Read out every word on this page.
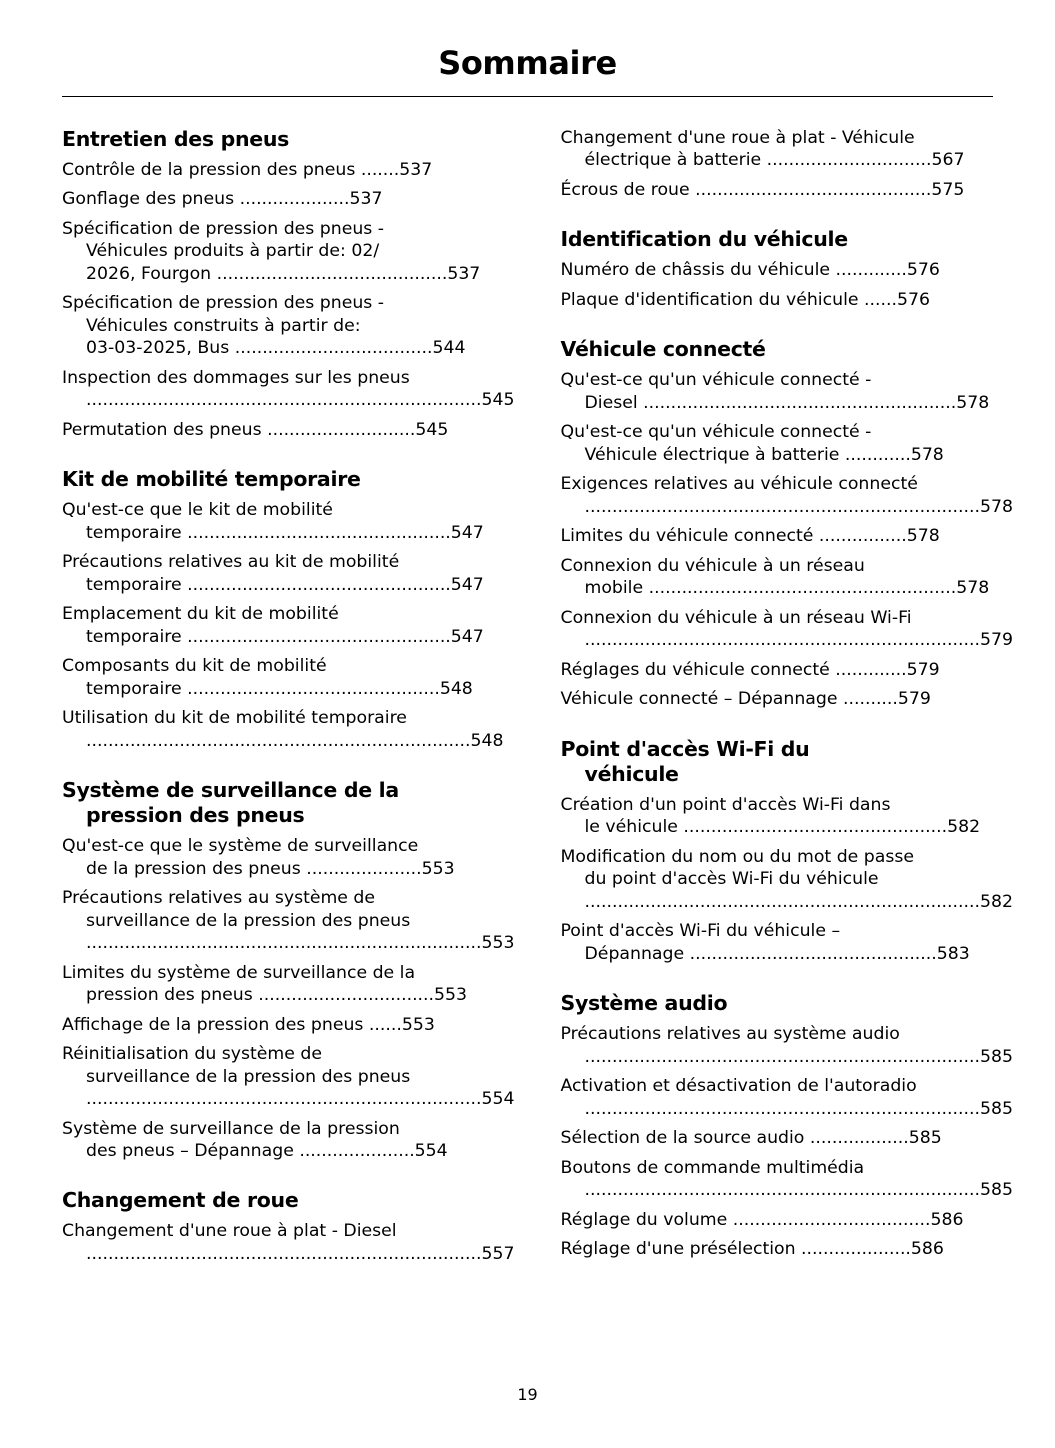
Sommaire
Entretien des pneus
Contrôle de la pression des pneus .......537
Gonflage des pneus ....................537
Spécification de pression des pneus -
Véhicules produits à partir de: 02/
2026, Fourgon ..........................................537
Spécification de pression des pneus -
Véhicules construits à partir de:
03-03-2025, Bus ....................................544
Inspection des dommages sur les pneus
........................................................................545
Permutation des pneus ...........................545
Kit de mobilité temporaire
Qu'est-ce que le kit de mobilité
temporaire ................................................547
Précautions relatives au kit de mobilité
temporaire ................................................547
Emplacement du kit de mobilité
temporaire ................................................547
Composants du kit de mobilité
temporaire ..............................................548
Utilisation du kit de mobilité temporaire
......................................................................548
Système de surveillance de la
pression des pneus
Qu'est-ce que le système de surveillance
de la pression des pneus .....................553
Précautions relatives au système de
surveillance de la pression des pneus
........................................................................553
Limites du système de surveillance de la
pression des pneus ................................553
Affichage de la pression des pneus ......553
Réinitialisation du système de
surveillance de la pression des pneus
........................................................................554
Système de surveillance de la pression
des pneus – Dépannage .....................554
Changement de roue
Changement d'une roue à plat - Diesel
........................................................................557
Changement d'une roue à plat - Véhicule
électrique à batterie ..............................567
Écrous de roue ...........................................575
Identification du véhicule
Numéro de châssis du véhicule .............576
Plaque d'identification du véhicule ......576
Véhicule connecté
Qu'est-ce qu'un véhicule connecté -
Diesel .........................................................578
Qu'est-ce qu'un véhicule connecté -
Véhicule électrique à batterie ............578
Exigences relatives au véhicule connecté
........................................................................578
Limites du véhicule connecté ................578
Connexion du véhicule à un réseau
mobile ........................................................578
Connexion du véhicule à un réseau Wi-Fi
........................................................................579
Réglages du véhicule connecté .............579
Véhicule connecté – Dépannage ..........579
Point d'accès Wi-Fi du
véhicule
Création d'un point d'accès Wi-Fi dans
le véhicule ................................................582
Modification du nom ou du mot de passe
du point d'accès Wi-Fi du véhicule
........................................................................582
Point d'accès Wi-Fi du véhicule –
Dépannage .............................................583
Système audio
Précautions relatives au système audio
........................................................................585
Activation et désactivation de l'autoradio
........................................................................585
Sélection de la source audio ..................585
Boutons de commande multimédia
........................................................................585
Réglage du volume ....................................586
Réglage d'une présélection ....................586
19
